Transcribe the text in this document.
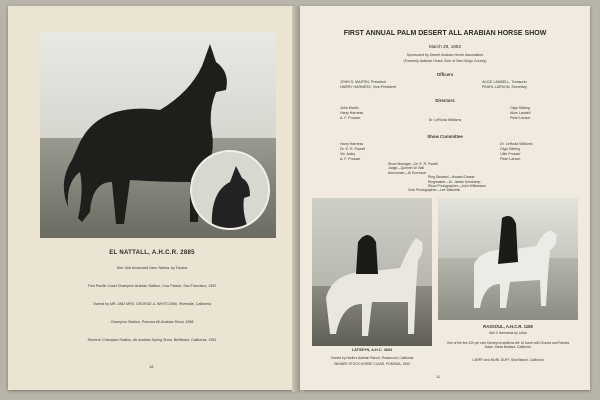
EL NATTALL, A.H.C.R. 2885
Sire: Alla Amarward Dam: Nakha, by Farana
First Pacific Coast Champion Arabian Stallion, Cow Palace, San Francisco, 1952
Owned by MR. AND MRS. GEORGE A. WHITCOMB, Riverside, California
Champion Stallion, Pomona All-Arabian Show, 1958
Reserve Champion Stallion, All-Arabian Spring Show, Bellflower, California, 1952
18
FIRST ANNUAL PALM DESERT ALL ARABIAN HORSE SHOW
March 29, 1953
Sponsored by Desert Arabian Horse Association
(Formerly Arabian Horse Club of San Diego County)
Officers
JOHN S. MARTIN, President
HARRY HARNESS, Vice-President
ALICE LANDELL, Treasurer
PEARL LARSON, Secretary
Directors
John Martin
Harry Harness
A. F. Prosser	Dr. LeRoda Williams
Olga Silberg
Alice Landell
Pearl Larson
Show Committee
Harry Harness
Dr. E. R. Powell
Vic Jacky
A. F. Prosser
Dr. LeRoda Williams
Olga Silberg
Lillie Prosser
Pearl Larson
Show Manager—Dr. E. R. Powell
Judge—Quentin W. Ball
Announcer—Al Sorenson
Ring Steward—Howard Deane
Ringmaster—Dr. James Kernkamp
Show Photographer—John Williamson
Club Photographer—Lee Wanolick
LATSEYN, A.H.C. 3654
Owned by Harlin's Arabian Ranch, Rosamond, California
WINNER STOCK HORSE CLASS, POMONA, 1950
RASSOUL, A.H.C.R. 1189
Abil X Hamrama by Lelan
One of the few 100 per cent Davenport stallions left. At home with Charles and Pamela Nolan, Santa Barbara, California.
LARRY and MURL DUFF, Seal Beach, California
11
